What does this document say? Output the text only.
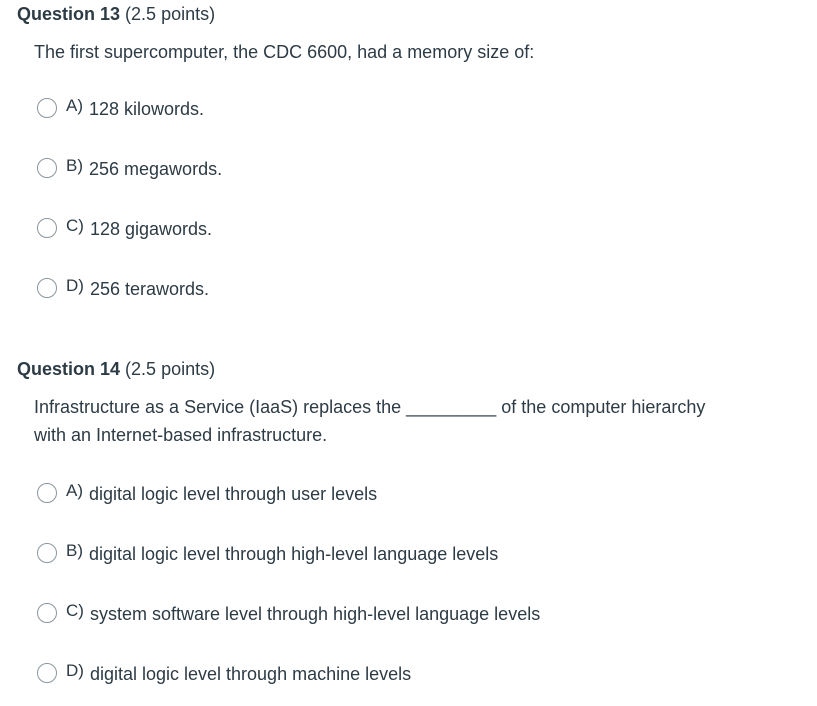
Question 13 (2.5 points)
The first supercomputer, the CDC 6600, had a memory size of:
A) 128 kilowords.
B) 256 megawords.
C) 128 gigawords.
D) 256 terawords.
Question 14 (2.5 points)
Infrastructure as a Service (IaaS) replaces the _________ of the computer hierarchy
with an Internet-based infrastructure.
A) digital logic level through user levels
B) digital logic level through high-level language levels
C) system software level through high-level language levels
D) digital logic level through machine levels
